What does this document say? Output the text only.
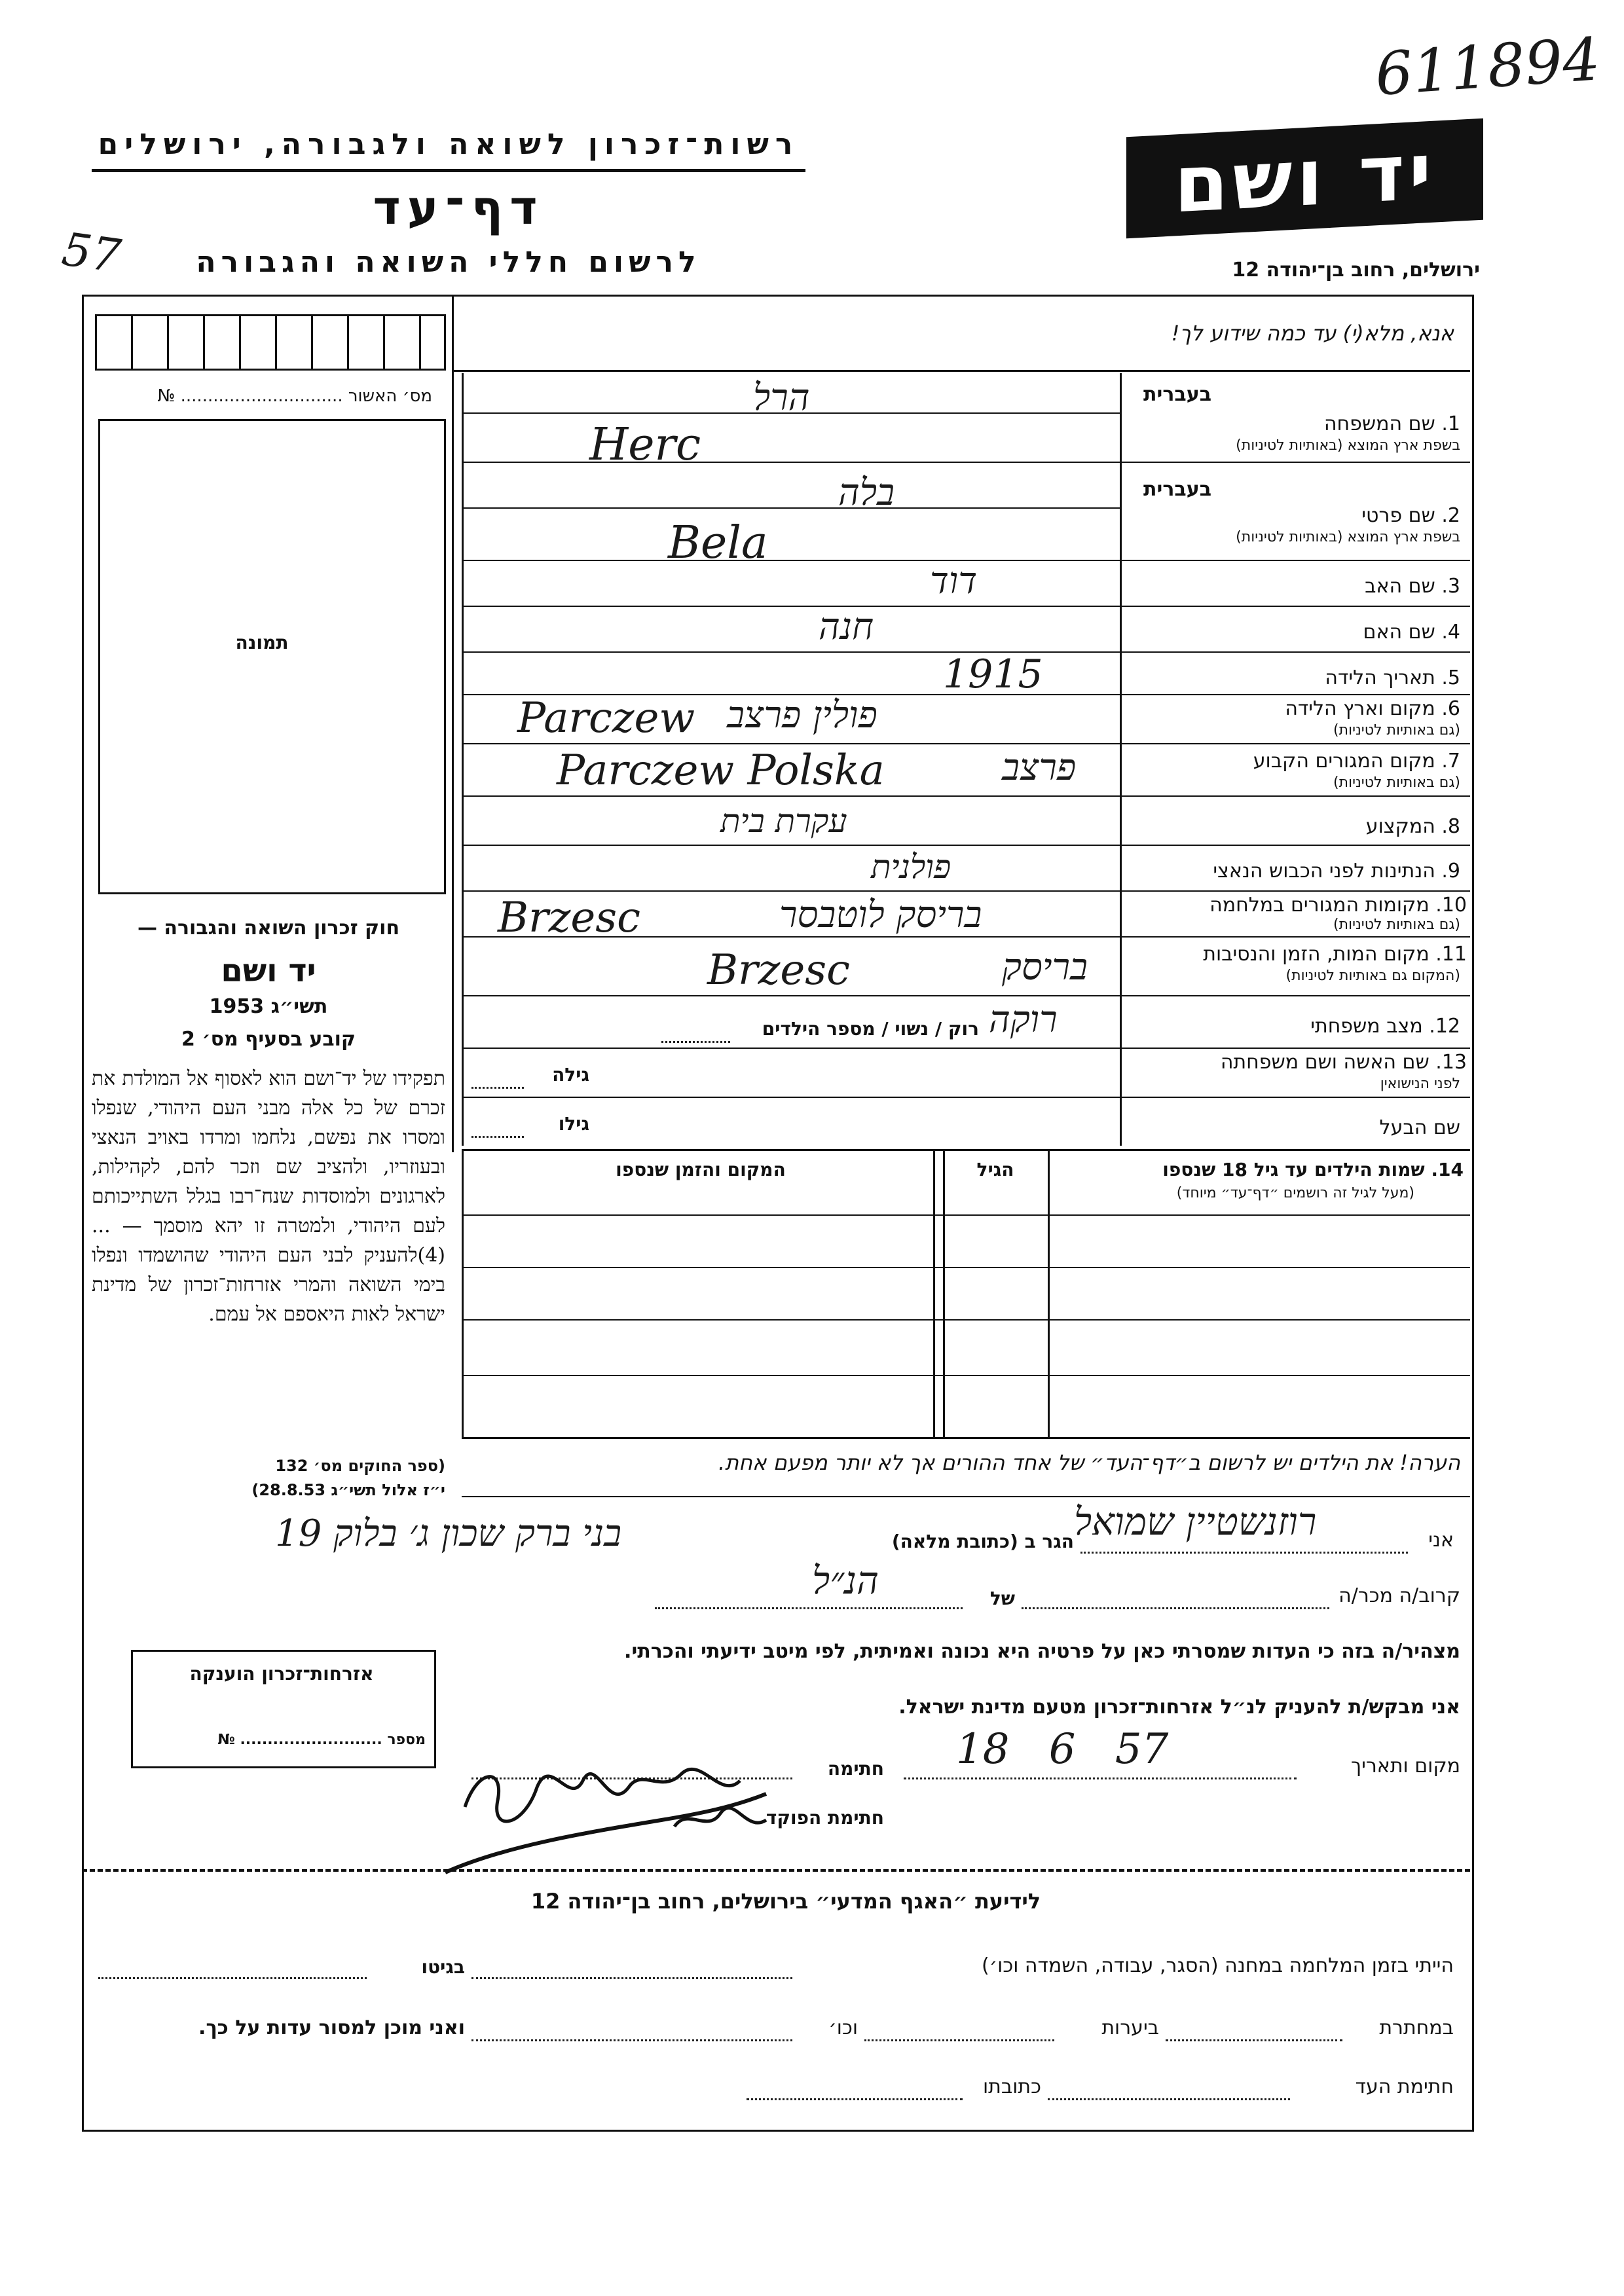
611894
57
רשות־זכרון לשואה ולגבורה, ירושלים
דף־עד
לרשום חללי השואה והגבורה
יד ושם
ירושלים, רחוב בן־יהודה 12
אנא, מלא(י) עד כמה שידוע לך!
מס׳ האשור .............................. №
תמונה
חוק זכרון השואה והגבורה —
יד ושם
תשי״ג 1953
קובע בסעיף מס׳ 2
תפקידו של יד־ושם הוא לאסוף אל המולדת את זכרם של כל אלה מבני העם היהודי, שנפלו ומסרו את נפשם, נלחמו ומרדו באויב הנאצי ובעוזריו, ולהציב שם וזכר להם, לקהילות, לארגונים ולמוסדות שנח־רבו בגלל השתייכותם לעם היהודי, ולמטרה זו יהא מוסמך — ...(4)להעניק לבני העם היהודי שהושמדו ונפלו בימי השואה והמרי אזרחות־זכרון של מדינת ישראל לאות היאספם אל עמם.
(ספר החוקים מס׳ 132
י״ז אלול תשי״ג 28.8.53)
בעברית
1. שם המשפחה
בשפת ארץ המוצא (באותיות לטיניות)
בעברית
2. שם פרטי
בשפת ארץ המוצא (באותיות לטיניות)
3. שם האב
4. שם האם
5. תאריך הלידה
6. מקום וארץ הלידה
(גם באותיות לטיניות)
7. מקום המגורים הקבוע
(גם באותיות לטיניות)
8. המקצוע
9. הנתינות לפני הכבוש הנאצי
10. מקומות המגורים במלחמה
(גם באותיות לטיניות)
11. מקום המות, הזמן והנסיבות
(המקום גם באותיות לטיניות)
12. מצב משפחתי
13. שם האשה ושם משפחתה
לפני הנישואין
שם הבעל
הרל
Herc
בלה
Bela
דוד
חנה
1915
פולין פרצב
Parczew
פרצב
Parczew Polska
עקרת בית
פולנית
בריסק לוטבסר
Brzesc
בריסק
Brzesc
רוק / נשוי / מספר הילדים רוקה
גילה
גילו
14. שמות הילדים עד גיל 18 שנספו
(מעל לגיל זה רושמים ״דף־עד״ מיוחד)
הגיל
המקום והזמן שנספו
הערה! את הילדים יש לרשום ב״דף־העד״ של אחד ההורים אך לא יותר מפעם אחת.
אזרחות־זכרון הוענקה
מספר .......................... №
אני
רוזנשטיין שמואל
הגר ב (כתובת מלאה)
בני ברק שכון ג׳ בלוק 19
קרוב/ה מכר/ה
של
הנ״ל
מצהיר/ה בזה כי העדות שמסרתי כאן על פרטיה היא נכונה ואמיתית, לפי מיטב ידיעתי והכרתי.
אני מבקש/ת להעניק לנ״ל אזרחות־זכרון מטעם מדינת ישראל.
מקום ותאריך
18 6 57
חתימה
חתימת הפוקד
לידיעת ״האגף המדעי״ בירושלים, רחוב בן־יהודה 12
הייתי בזמן המלחמה במחנה (הסגר, עבודה, השמדה וכו׳)
בגיטו
במחתרת
ביערות
וכו׳
ואני מוכן למסור עדות על כך.
חתימת העד
כתובתו
